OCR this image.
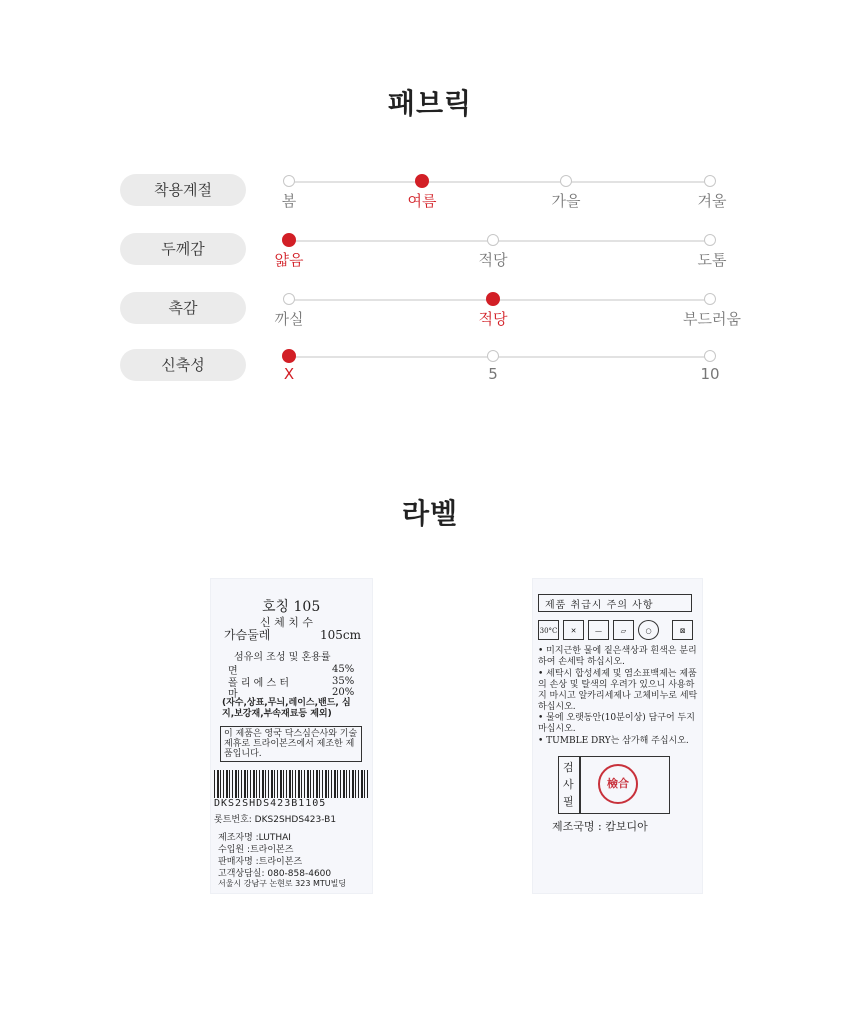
패브릭
착용계절
봄	여름	가을	겨울
두께감
얇음	적당	도톰
촉감
까실	적당	부드러움
신축성	X	5	10
라벨
호칭 105
신 체 치 수
가슴둘레	105cm
섬유의 조성 및 혼용률
면	45%
폴 리 에 스 터	35%
마	20%
(자수,상표,무늬,레이스,밴드, 심지,보강재,부속재료등 제외)
이 제품은 영국 닥스심슨사와 기술제휴로 트라이본즈에서 제조한 제품입니다.
DKS2SHDS423B1105
롯트번호: DKS2SHDS423-B1
제조자명 :LUTHAI
수입원 :트라이본즈
판매자명 :트라이본즈
고객상담실: 080-858-4600
서울시 강남구 논현로 323 MTU빌딩
제품 취급시 주의 사항
30°C	✕	—	▱	○	⊠
• 미지근한 물에 짙은색상과 흰색은 분리하여 손세탁 하십시오.
• 세탁시 합성세제 및 염소표백제는 제품의 손상 및 탈색의 우려가 있으니 사용하지 마시고 알카리세제나 고체비누로 세탁하십시오.
• 물에 오랫동안(10분이상) 담구어 두지 마십시오.
• TUMBLE DRY는 삼가해 주십시오.
검 사 필
檢合
제조국명 : 캄보디아
